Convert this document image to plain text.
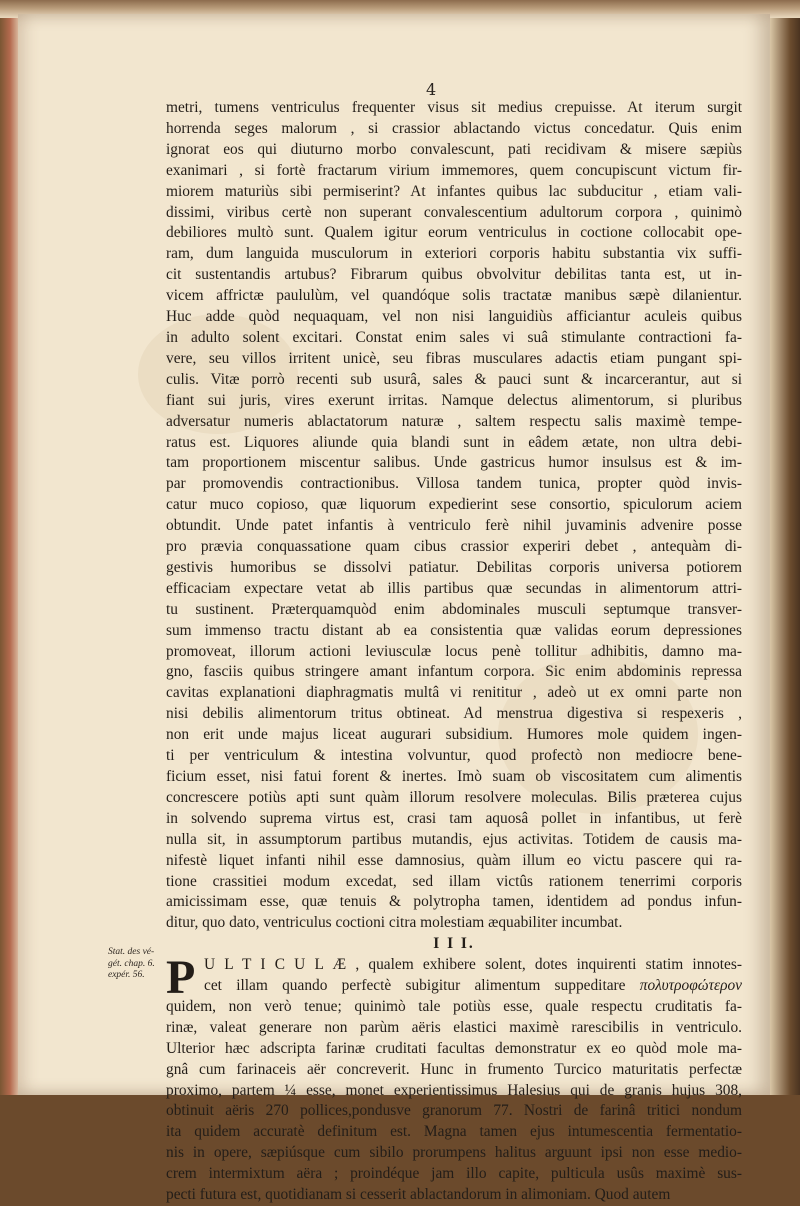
4
metri, tumens ventriculus frequenter visus sit medius crepuisse. At iterum surgit
horrenda seges malorum , si crassior ablactando victus concedatur. Quis enim
ignorat eos qui diuturno morbo convalescunt, pati recidivam & misere sæpiùs
exanimari , si fortè fractarum virium immemores, quem concupiscunt victum fir-
miorem maturiùs sibi permiserint? At infantes quibus lac subducitur , etiam vali-
dissimi, viribus certè non superant convalescentium adultorum corpora , quinimò
debiliores multò sunt. Qualem igitur eorum ventriculus in coctione collocabit ope-
ram, dum languida musculorum in exteriori corporis habitu substantia vix suffi-
cit sustentandis artubus? Fibrarum quibus obvolvitur debilitas tanta est, ut in-
vicem affrictæ paululùm, vel quandóque solis tractatæ manibus sæpè dilanientur.
Huc adde quòd nequaquam, vel non nisi languidiùs afficiantur aculeis quibus
in adulto solent excitari. Constat enim sales vi suâ stimulante contractioni fa-
vere, seu villos irritent unicè, seu fibras musculares adactis etiam pungant spi-
culis. Vitæ porrò recenti sub usurâ, sales & pauci sunt & incarcerantur, aut si
fiant sui juris, vires exerunt irritas. Namque delectus alimentorum, si pluribus
adversatur numeris ablactatorum naturæ , saltem respectu salis maximè tempe-
ratus est. Liquores aliunde quia blandi sunt in eâdem ætate, non ultra debi-
tam proportionem miscentur salibus. Unde gastricus humor insulsus est & im-
par promovendis contractionibus. Villosa tandem tunica, propter quòd invis-
catur muco copioso, quæ liquorum expedierint sese consortio, spiculorum aciem
obtundit. Unde patet infantis à ventriculo ferè nihil juvaminis advenire posse
pro prævia conquassatione quam cibus crassior experiri debet , antequàm di-
gestivis humoribus se dissolvi patiatur. Debilitas corporis universa potiorem
efficaciam expectare vetat ab illis partibus quæ secundas in alimentorum attri-
tu sustinent. Præterquamquòd enim abdominales musculi septumque transver-
sum immenso tractu distant ab ea consistentia quæ validas eorum depressiones
promoveat, illorum actioni leviusculæ locus penè tollitur adhibitis, damno ma-
gno, fasciis quibus stringere amant infantum corpora. Sic enim abdominis repressa
cavitas explanationi diaphragmatis multâ vi renititur , adeò ut ex omni parte non
nisi debilis alimentorum tritus obtineat. Ad menstrua digestiva si respexeris ,
non erit unde majus liceat augurari subsidium. Humores mole quidem ingen-
ti per ventriculum & intestina volvuntur, quod profectò non mediocre bene-
ficium esset, nisi fatui forent & inertes. Imò suam ob viscositatem cum alimentis
concrescere potiùs apti sunt quàm illorum resolvere moleculas. Bilis præterea cujus
in solvendo suprema virtus est, crasi tam aquosâ pollet in infantibus, ut ferè
nulla sit, in assumptorum partibus mutandis, ejus activitas. Totidem de causis ma-
nifestè liquet infanti nihil esse damnosius, quàm illum eo victu pascere qui ra-
tione crassitiei modum excedat, sed illam victûs rationem tenerrimi corporis
amicissimam esse, quæ tenuis & polytropha tamen, identidem ad pondus infun-
ditur, quo dato, ventriculus coctioni citra molestiam æquabiliter incumbat.
I I I.
P U L T I C U L Æ , qualem exhibere solent, dotes inquirenti statim innotes-
cet illam quando perfectè subigitur alimentum suppeditare πολυτροφώτερον
quidem, non verò tenue; quinimò tale potiùs esse, quale respectu cruditatis fa-
rinæ, valeat generare non parùm aëris elastici maximè rarescibilis in ventriculo.
Ulterior hæc adscripta farinæ cruditati facultas demonstratur ex eo quòd mole ma-
gnâ cum farinaceis aër concreverit. Hunc in frumento Turcico maturitatis perfectæ
proximo, partem ¼ esse, monet experientissimus Halesius qui de granis hujus 308,
obtinuit aëris 270 pollices,pondusve granorum 77. Nostri de farinâ tritici nondum
ita quidem accuratè definitum est. Magna tamen ejus intumescentia fermentatio-
nis in opere, sæpiúsque cum sibilo prorumpens halitus arguunt ipsi non esse medio-
crem intermixtum aëra ; proindéque jam illo capite, pulticula usûs maximè sus-
pecti futura est, quotidianam si cesserit ablactandorum in alimoniam. Quod autem
Stat. des vé-
gét. chap. 6.
expér. 56.
